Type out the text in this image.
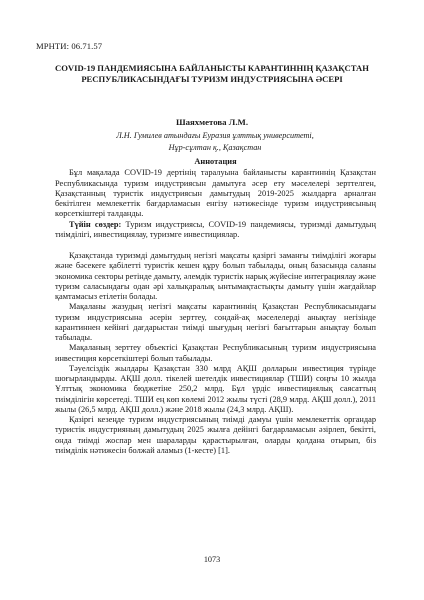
МРНТИ: 06.71.57
COVID-19 ПАНДЕМИЯСЫНА БАЙЛАНЫСТЫ КАРАНТИННІҢ ҚАЗАҚСТАН РЕСПУБЛИКАСЫНДАҒЫ ТУРИЗМ ИНДУСТРИЯСЫНА ӘСЕРІ
Шаяхметова Л.М.
Л.Н. Гумилев атындағы Еуразия ұлттық университеті,
Нұр-сұлтан қ., Қазақстан
Аннотация

Бұл мақалада COVID-19 дертінің таралуына байланысты карантиннің Қазақстан Республикасында туризм индустриясын дамытуға әсер ету мәселелері зерттелген, Қазақстанның туристік индустриясын дамытудың 2019-2025 жылдарға арналған бекітілген мемлекеттік бағдарламасын енгізу нәтижесінде туризм индустриясының көрсеткіштері талданды.

Түйін сөздер: Туризм индустриясы, COVID-19 пандемиясы, туризмді дамытудың тиімділігі, инвестициялау, туризмге инвестициялар.

Қазақстанда туризмді дамытудың негізгі мақсаты қазіргі заманғы тиімділігі жоғары және бәсекеге қабілетті туристік кешен құру болып табылады, оның базасында саланы экономика секторы ретінде дамыту, әлемдік туристік нарық жүйесіне интеграциялау және туризм саласындағы одан әрі халықаралық ынтымақтастықты дамыту үшін жағдайлар қамтамасыз етілетін болады.

Мақаланы жазудың негізгі мақсаты карантиннің Қазақстан Республикасындағы туризм индустриясына әсерін зерттеу, сондай-ақ мәселелерді анықтау негізінде карантиннен кейінгі дағдарыстан тиімді шығудың негізгі бағыттарын анықтау болып табылады.

Мақаланың зерттеу объектісі Қазақстан Республикасының туризм индустриясына инвестиция көрсеткіштері болып табылады.

Тәуелсіздік жылдары Қазақстан 330 млрд АҚШ долларын инвестиция түрінде шоғырландырды. АҚШ долл. тікелей шетелдік инвестициялар (ТШИ) соңғы 10 жылда Ұлттық экономика бюджетіне 250,2 млрд. Бұл үрдіс инвестициялық саясаттың тиімділігін көрсетеді. ТШИ ең көп көлемі 2012 жылы түсті (28,9 млрд. АҚШ долл.), 2011 жылы (26,5 млрд. АҚШ долл.) және 2018 жылы (24,3 млрд. АҚШ).

Қазіргі кезеңде туризм индустриясының тиімді дамуы үшін мемлекеттік органдар туристік индустрияның дамытудың 2025 жылға дейінгі бағдарламасын әзірлеп, бекітті, онда тиімді жоспар мен шараларды қарастырылған, оларды қолдана отырып, біз тиімділік нәтижесін болжай аламыз (1-кесте) [1].

1073
